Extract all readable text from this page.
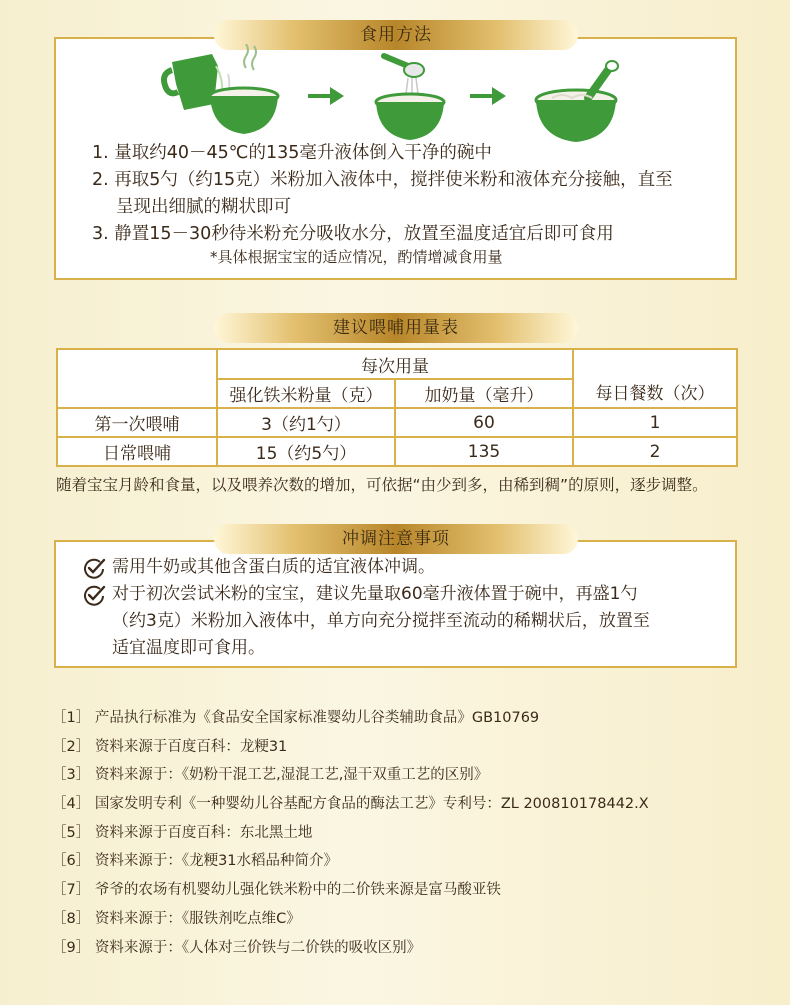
食用方法
1. 量取约40－45℃的135毫升液体倒入干净的碗中
2. 再取5勺（约15克）米粉加入液体中，搅拌使米粉和液体充分接触，直至
呈现出细腻的糊状即可
3. 静置15－30秒待米粉充分吸收水分，放置至温度适宜后即可食用
*具体根据宝宝的适应情况，酌情增减食用量
建议喂哺用量表
	每次用量		每日餐数（次）
	强化铁米粉量（克）	加奶量（毫升）	
第一次喂哺	3（约1勺）	60	1
日常喂哺	15（约5勺）	135	2
随着宝宝月龄和食量，以及喂养次数的增加，可依据“由少到多，由稀到稠”的原则，逐步调整。
冲调注意事项
需用牛奶或其他含蛋白质的适宜液体冲调。
对于初次尝试米粉的宝宝，建议先量取60毫升液体置于碗中，再盛1勺
（约3克）米粉加入液体中，单方向充分搅拌至流动的稀糊状后，放置至
适宜温度即可食用。
［1］ 产品执行标准为《食品安全国家标准婴幼儿谷类辅助食品》GB10769
［2］ 资料来源于百度百科：龙粳31
［3］ 资料来源于：《奶粉干混工艺,湿混工艺,湿干双重工艺的区别》
［4］ 国家发明专利《一种婴幼儿谷基配方食品的酶法工艺》专利号：ZL 200810178442.X
［5］ 资料来源于百度百科：东北黑土地
［6］ 资料来源于：《龙粳31水稻品种简介》
［7］ 爷爷的农场有机婴幼儿强化铁米粉中的二价铁来源是富马酸亚铁
［8］ 资料来源于：《服铁剂吃点维C》
［9］ 资料来源于：《人体对三价铁与二价铁的吸收区别》
